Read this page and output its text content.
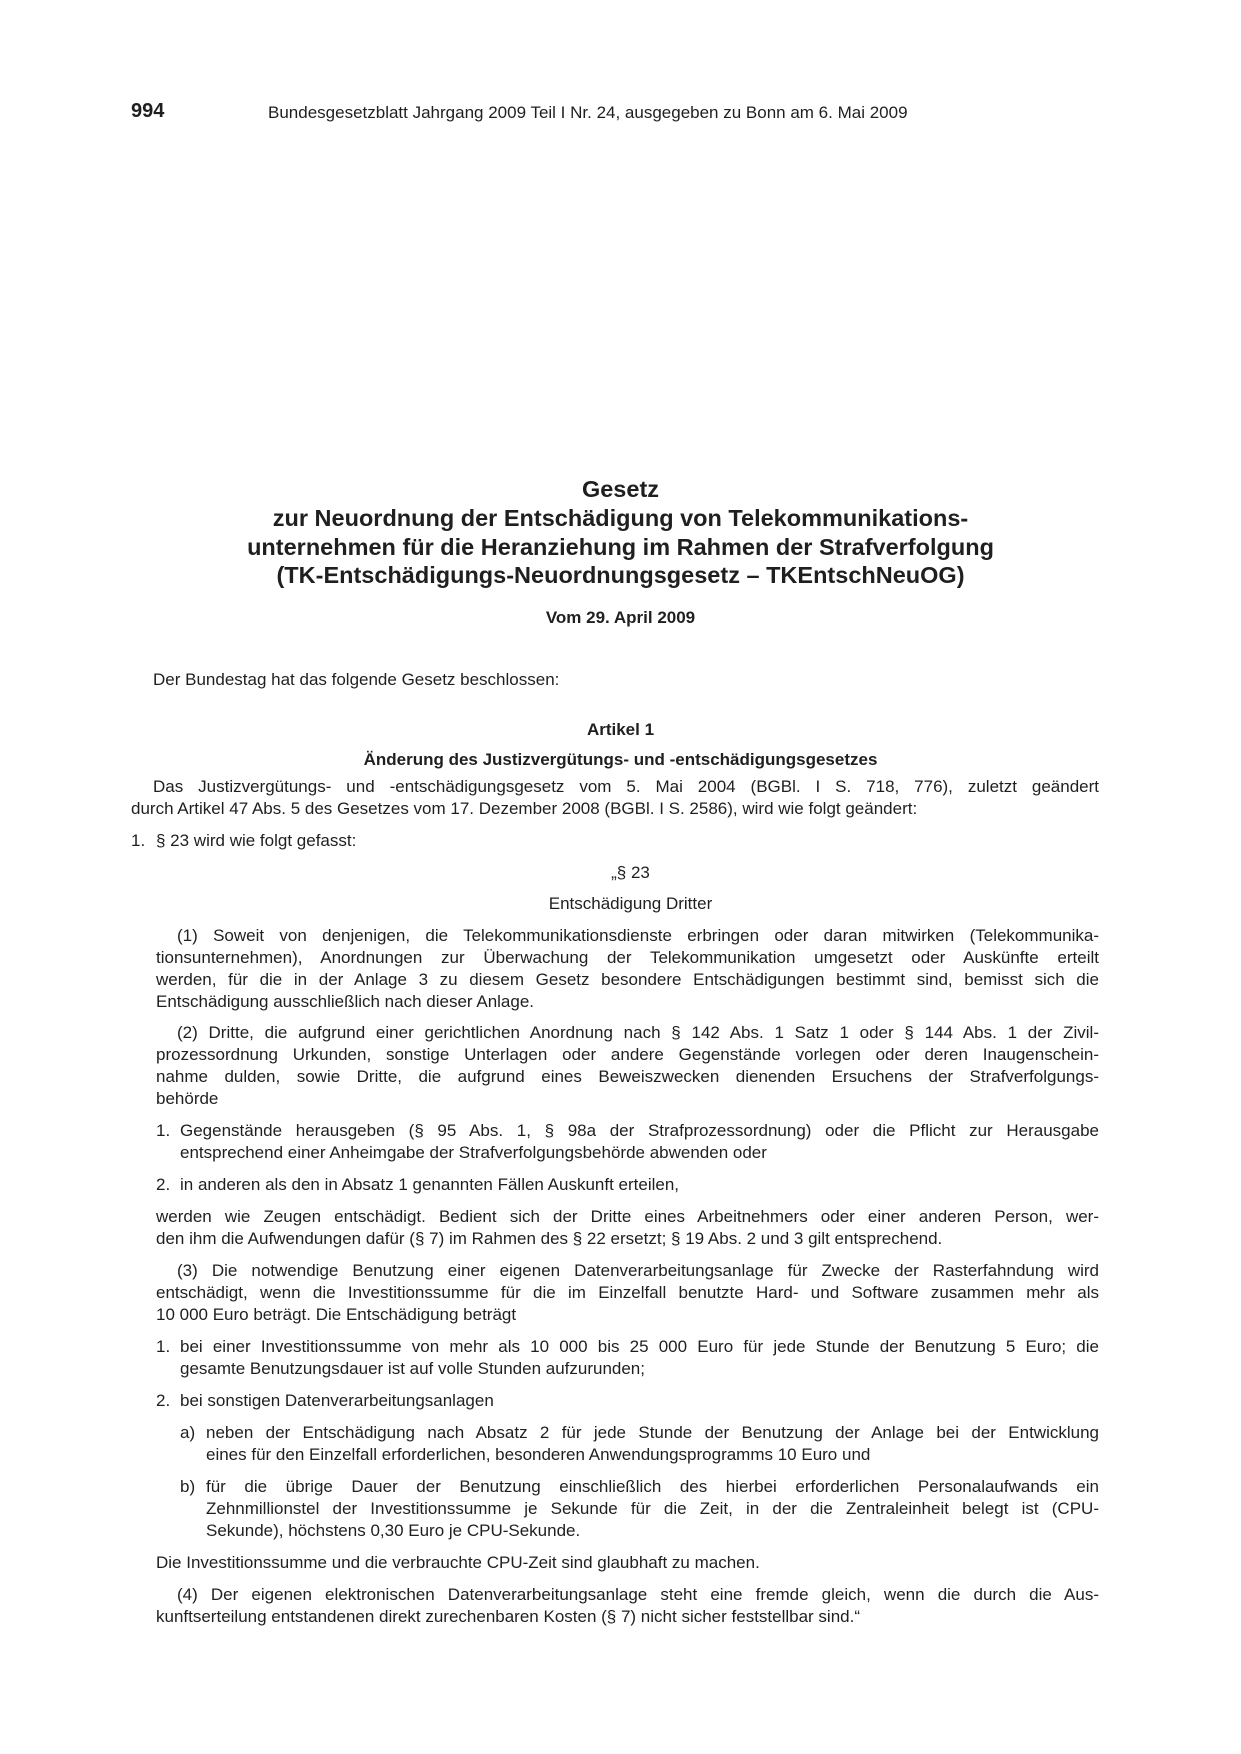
994	Bundesgesetzblatt Jahrgang 2009 Teil I Nr. 24, ausgegeben zu Bonn am 6. Mai 2009
Gesetz
zur Neuordnung der Entschädigung von Telekommunikations-
unternehmen für die Heranziehung im Rahmen der Strafverfolgung
(TK-Entschädigungs-Neuordnungsgesetz – TKEntschNeuOG)
Vom 29. April 2009
Der Bundestag hat das folgende Gesetz beschlossen:
Artikel 1
Änderung des Justizvergütungs- und -entschädigungsgesetzes
Das Justizvergütungs- und -entschädigungsgesetz vom 5. Mai 2004 (BGBl. I S. 718, 776), zuletzt geändert
durch Artikel 47 Abs. 5 des Gesetzes vom 17. Dezember 2008 (BGBl. I S. 2586), wird wie folgt geändert:
1. § 23 wird wie folgt gefasst:
„§ 23
Entschädigung Dritter
(1) Soweit von denjenigen, die Telekommunikationsdienste erbringen oder daran mitwirken (Telekommunika-
tionsunternehmen), Anordnungen zur Überwachung der Telekommunikation umgesetzt oder Auskünfte erteilt
werden, für die in der Anlage 3 zu diesem Gesetz besondere Entschädigungen bestimmt sind, bemisst sich die
Entschädigung ausschließlich nach dieser Anlage.
(2) Dritte, die aufgrund einer gerichtlichen Anordnung nach § 142 Abs. 1 Satz 1 oder § 144 Abs. 1 der Zivil-
prozessordnung Urkunden, sonstige Unterlagen oder andere Gegenstände vorlegen oder deren Inaugenschein-
nahme dulden, sowie Dritte, die aufgrund eines Beweiszwecken dienenden Ersuchens der Strafverfolgungs-
behörde
1. Gegenstände herausgeben (§ 95 Abs. 1, § 98a der Strafprozessordnung) oder die Pflicht zur Herausgabe
entsprechend einer Anheimgabe der Strafverfolgungsbehörde abwenden oder
2. in anderen als den in Absatz 1 genannten Fällen Auskunft erteilen,
werden wie Zeugen entschädigt. Bedient sich der Dritte eines Arbeitnehmers oder einer anderen Person, wer-
den ihm die Aufwendungen dafür (§ 7) im Rahmen des § 22 ersetzt; § 19 Abs. 2 und 3 gilt entsprechend.
(3) Die notwendige Benutzung einer eigenen Datenverarbeitungsanlage für Zwecke der Rasterfahndung wird
entschädigt, wenn die Investitionssumme für die im Einzelfall benutzte Hard- und Software zusammen mehr als
10 000 Euro beträgt. Die Entschädigung beträgt
1. bei einer Investitionssumme von mehr als 10 000 bis 25 000 Euro für jede Stunde der Benutzung 5 Euro; die
gesamte Benutzungsdauer ist auf volle Stunden aufzurunden;
2. bei sonstigen Datenverarbeitungsanlagen
a) neben der Entschädigung nach Absatz 2 für jede Stunde der Benutzung der Anlage bei der Entwicklung
eines für den Einzelfall erforderlichen, besonderen Anwendungsprogramms 10 Euro und
b) für die übrige Dauer der Benutzung einschließlich des hierbei erforderlichen Personalaufwands ein
Zehnmillionstel der Investitionssumme je Sekunde für die Zeit, in der die Zentraleinheit belegt ist (CPU-
Sekunde), höchstens 0,30 Euro je CPU-Sekunde.
Die Investitionssumme und die verbrauchte CPU-Zeit sind glaubhaft zu machen.
(4) Der eigenen elektronischen Datenverarbeitungsanlage steht eine fremde gleich, wenn die durch die Aus-
kunftserteilung entstandenen direkt zurechenbaren Kosten (§ 7) nicht sicher feststellbar sind.“
